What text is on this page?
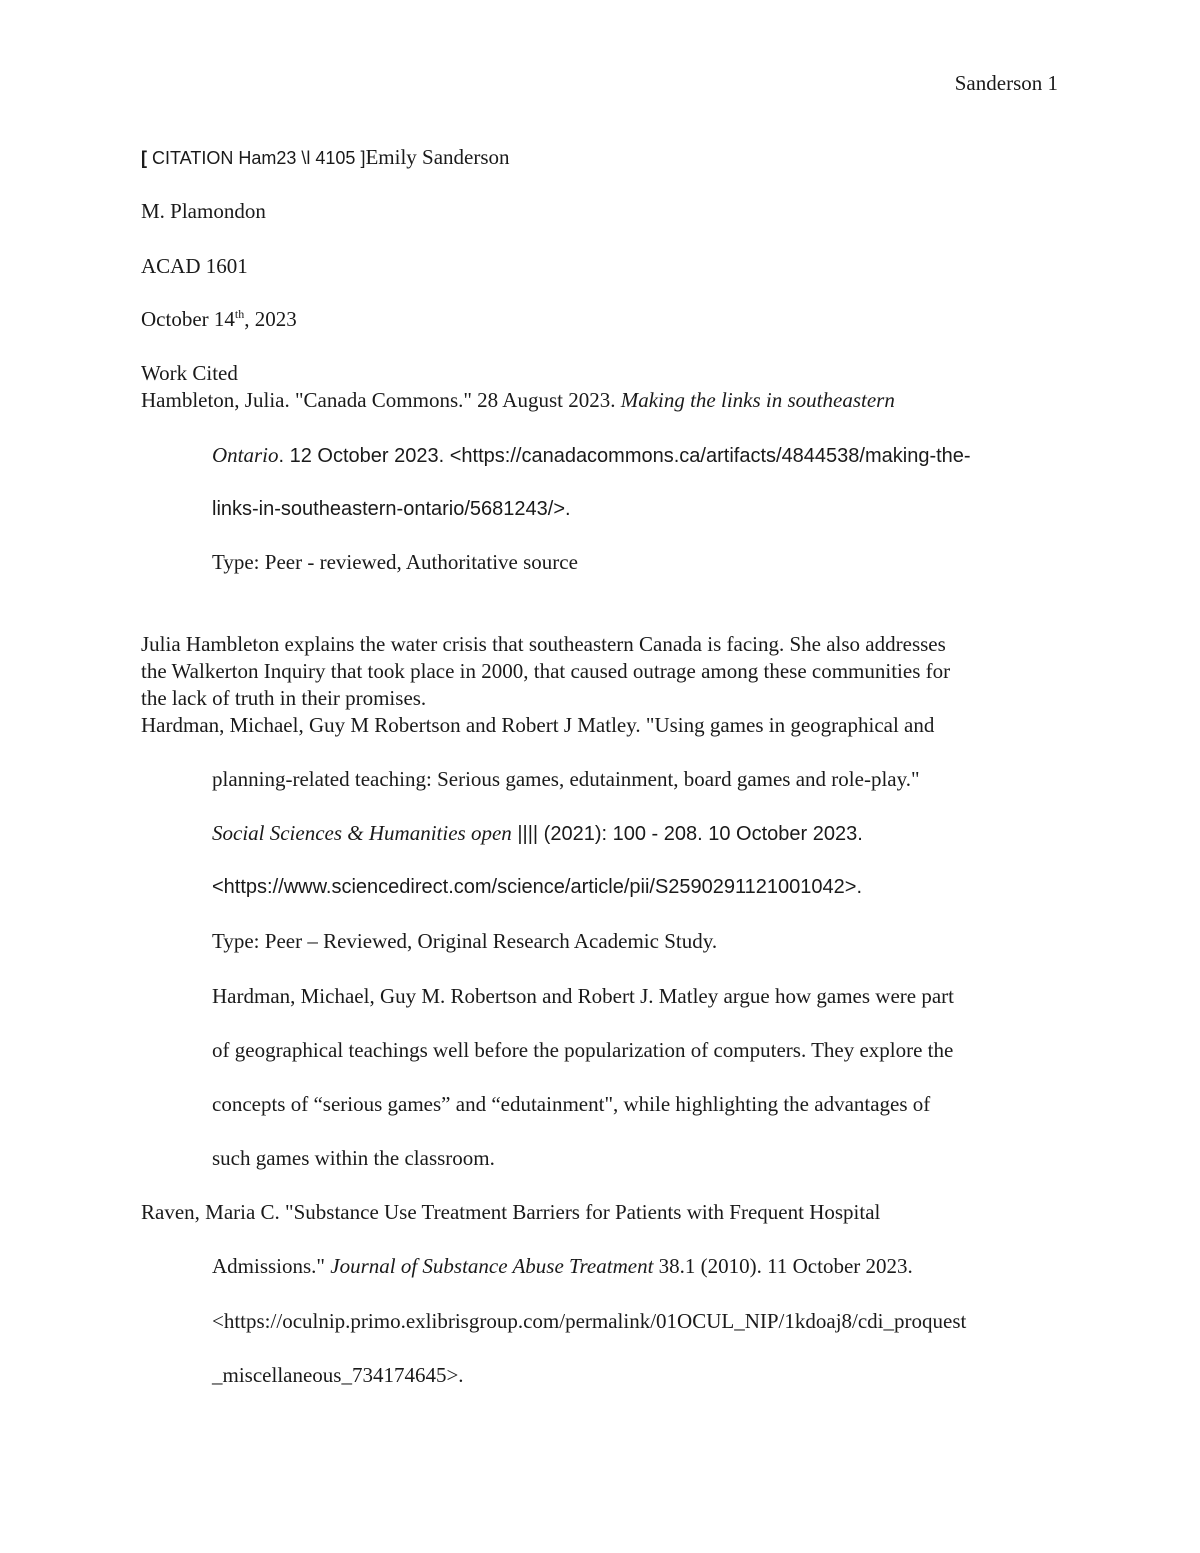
Sanderson 1
[ CITATION Ham23 \l 4105 ]Emily Sanderson
M. Plamondon
ACAD 1601
October 14th, 2023
Work Cited
Hambleton, Julia. "Canada Commons." 28 August 2023. Making the links in southeastern
Ontario. 12 October 2023. <https://canadacommons.ca/artifacts/4844538/making-the-
links-in-southeastern-ontario/5681243/>.
Type: Peer - reviewed, Authoritative source
Julia Hambleton explains the water crisis that southeastern Canada is facing. She also addresses
the Walkerton Inquiry that took place in 2000, that caused outrage among these communities for
the lack of truth in their promises.
Hardman, Michael, Guy M Robertson and Robert J Matley. "Using games in geographical and
planning-related teaching: Serious games, edutainment, board games and role-play."
Social Sciences & Humanities open |||| (2021): 100 - 208. 10 October 2023.
<https://www.sciencedirect.com/science/article/pii/S2590291121001042>.
Type: Peer – Reviewed, Original Research Academic Study.
Hardman, Michael, Guy M. Robertson and Robert J. Matley argue how games were part
of geographical teachings well before the popularization of computers. They explore the
concepts of “serious games” and “edutainment", while highlighting the advantages of
such games within the classroom.
Raven, Maria C. "Substance Use Treatment Barriers for Patients with Frequent Hospital
Admissions." Journal of Substance Abuse Treatment 38.1 (2010). 11 October 2023.
<https://oculnip.primo.exlibrisgroup.com/permalink/01OCUL_NIP/1kdoaj8/cdi_proquest
_miscellaneous_734174645>.
